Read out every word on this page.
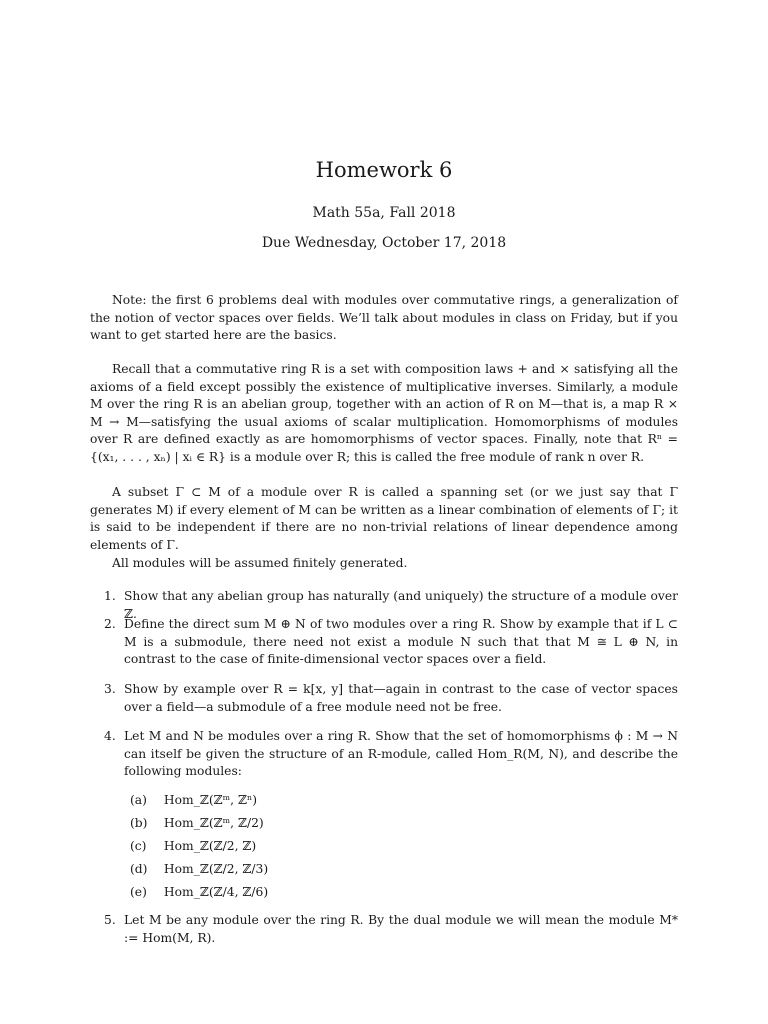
Homework 6
Math 55a, Fall 2018
Due Wednesday, October 17, 2018
Note: the first 6 problems deal with modules over commutative rings, a generalization of the notion of vector spaces over fields. We’ll talk about modules in class on Friday, but if you want to get started here are the basics.
Recall that a commutative ring R is a set with composition laws + and × satisfying all the axioms of a field except possibly the existence of multiplicative inverses. Similarly, a module M over the ring R is an abelian group, together with an action of R on M—that is, a map R × M → M—satisfying the usual axioms of scalar multiplication. Homomorphisms of modules over R are defined exactly as are homomorphisms of vector spaces. Finally, note that Rⁿ = {(x₁, . . . , xₙ) | xᵢ ∈ R} is a module over R; this is called the free module of rank n over R.
A subset Γ ⊂ M of a module over R is called a spanning set (or we just say that Γ generates M) if every element of M can be written as a linear combination of elements of Γ; it is said to be independent if there are no non-trivial relations of linear dependence among elements of Γ.
All modules will be assumed finitely generated.
1. Show that any abelian group has naturally (and uniquely) the structure of a module over ℤ.
2. Define the direct sum M ⊕ N of two modules over a ring R. Show by example that if L ⊂ M is a submodule, there need not exist a module N such that that M ≅ L ⊕ N, in contrast to the case of finite-dimensional vector spaces over a field.
3. Show by example over R = k[x, y] that—again in contrast to the case of vector spaces over a field—a submodule of a free module need not be free.
4. Let M and N be modules over a ring R. Show that the set of homomorphisms ϕ : M → N can itself be given the structure of an R-module, called Hom_R(M, N), and describe the following modules:
(a) Hom_ℤ(ℤᵐ, ℤⁿ)
(b) Hom_ℤ(ℤᵐ, ℤ/2)
(c) Hom_ℤ(ℤ/2, ℤ)
(d) Hom_ℤ(ℤ/2, ℤ/3)
(e) Hom_ℤ(ℤ/4, ℤ/6)
5. Let M be any module over the ring R. By the dual module we will mean the module M* := Hom(M, R).
